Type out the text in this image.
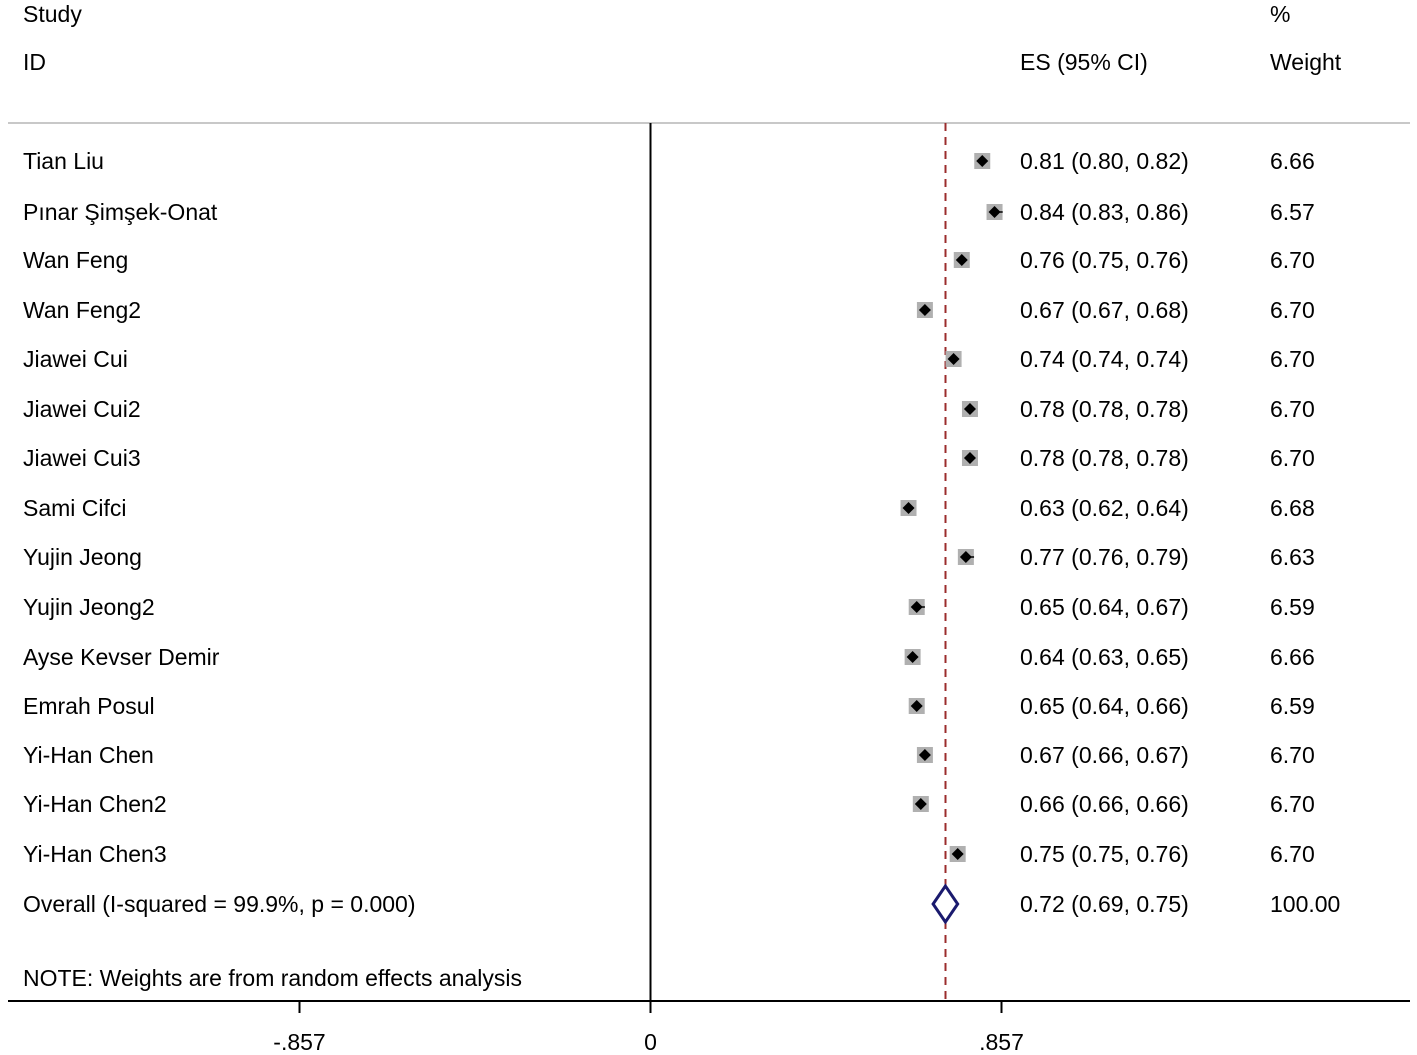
Study
ID	ES (95% CI)
%
Weight
Tian Liu	0.81 (0.80, 0.82)	6.66
Pınar Şimşek-Onat	0.84 (0.83, 0.86)	6.57
Wan Feng	0.76 (0.75, 0.76)	6.70
Wan Feng2	0.67 (0.67, 0.68)	6.70
Jiawei Cui	0.74 (0.74, 0.74)	6.70
Jiawei Cui2	0.78 (0.78, 0.78)	6.70
Jiawei Cui3	0.78 (0.78, 0.78)	6.70
Sami Cifci	0.63 (0.62, 0.64)	6.68
Yujin Jeong	0.77 (0.76, 0.79)	6.63
Yujin Jeong2	0.65 (0.64, 0.67)	6.59
Ayse Kevser Demir	0.64 (0.63, 0.65)	6.66
Emrah Posul	0.65 (0.64, 0.66)	6.59
Yi-Han Chen	0.67 (0.66, 0.67)	6.70
Yi-Han Chen2	0.66 (0.66, 0.66)	6.70
Yi-Han Chen3	0.75 (0.75, 0.76)	6.70
Overall (I-squared = 99.9%, p = 0.000)	0.72 (0.69, 0.75)	100.00
NOTE: Weights are from random effects analysis
-.857	0	.857
